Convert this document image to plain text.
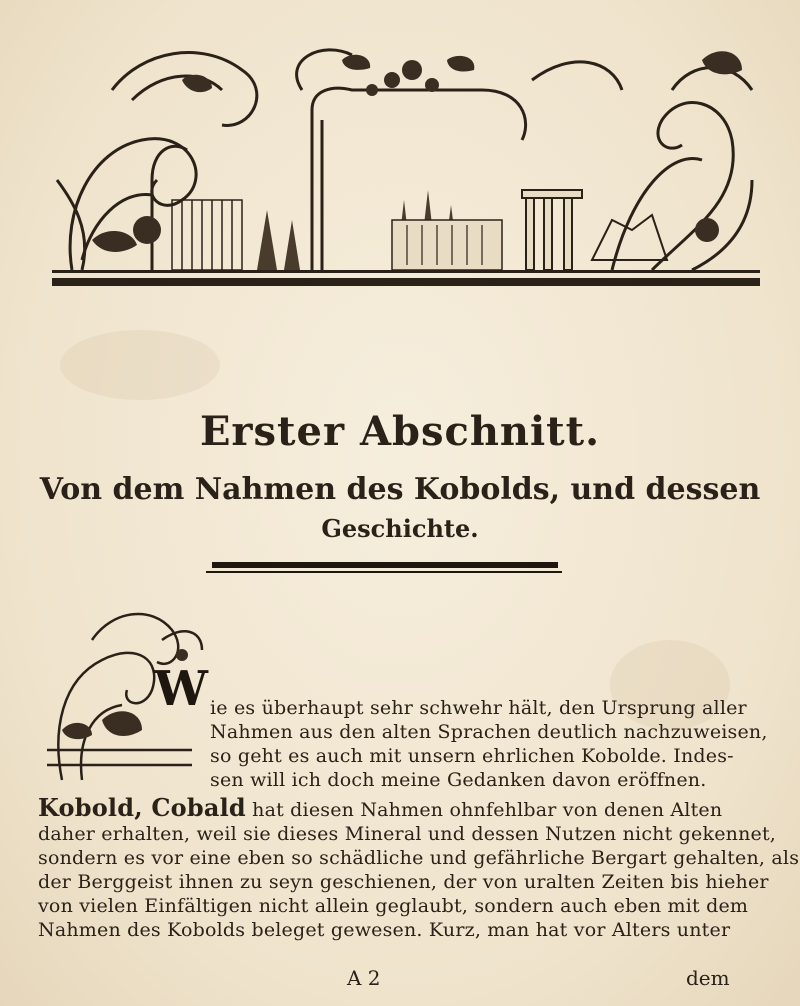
Erster Abschnitt.
Von dem Nahmen des Kobolds, und dessen
Geschichte.
W ie es überhaupt sehr schwehr hält, den Ursprung aller
Nahmen aus den alten Sprachen deutlich nachzuweisen,
so geht es auch mit unsern ehrlichen Kobolde. Indes-
sen will ich doch meine Gedanken davon eröffnen.
Kobold, Cobald hat diesen Nahmen ohnfehlbar von denen Alten
daher erhalten, weil sie dieses Mineral und dessen Nutzen nicht gekennet,
sondern es vor eine eben so schädliche und gefährliche Bergart gehalten, als
der Berggeist ihnen zu seyn geschienen, der von uralten Zeiten bis hieher
von vielen Einfältigen nicht allein geglaubt, sondern auch eben mit dem
Nahmen des Kobolds beleget gewesen. Kurz, man hat vor Alters unter
A 2	dem
